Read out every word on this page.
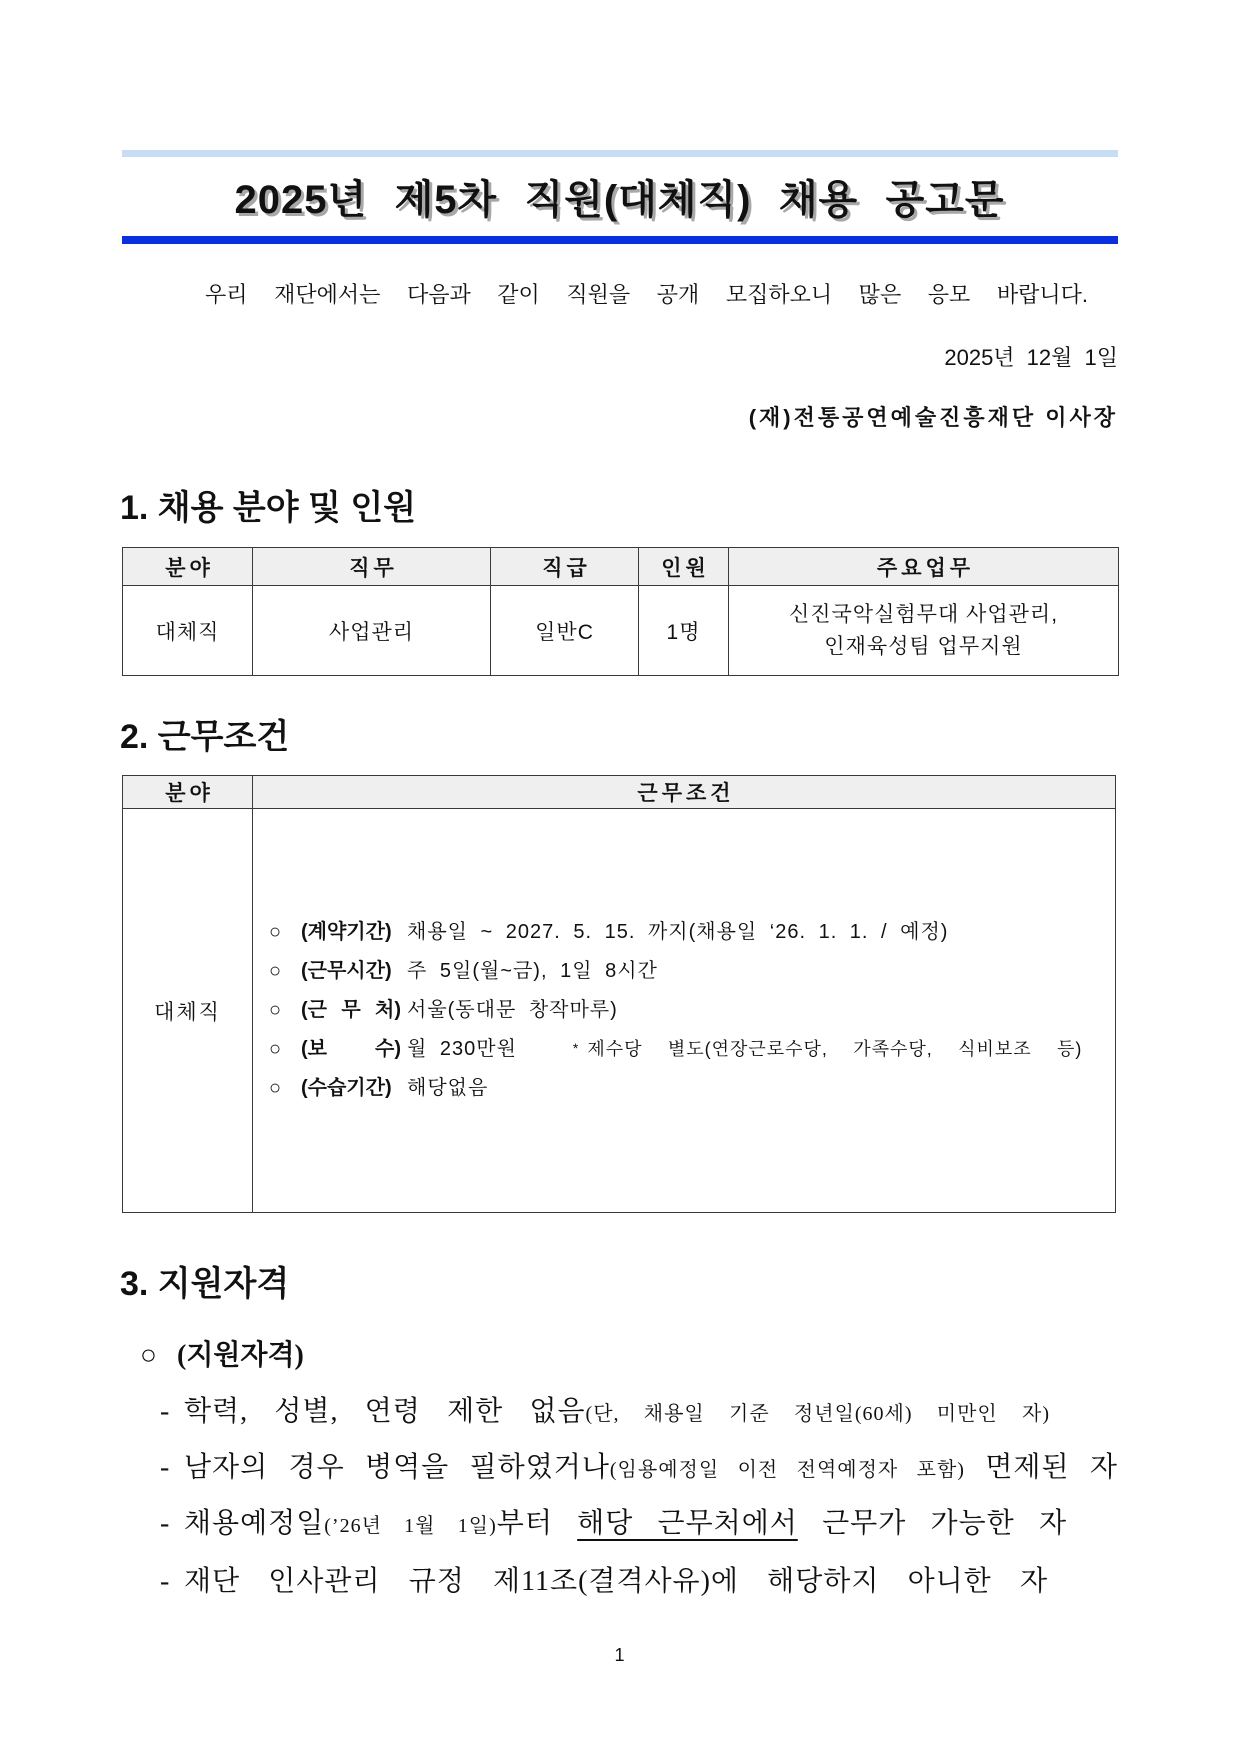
2025년 제5차 직원(대체직) 채용 공고문
우리 재단에서는 다음과 같이 직원을 공개 모집하오니 많은 응모 바랍니다.
2025년 12월 1일
(재)전통공연예술진흥재단 이사장
1. 채용 분야 및 인원
분야	직무	직급	인원	주요업무
대체직	사업관리	일반C	1명	신진국악실험무대 사업관리,
인재육성팀 업무지원
2. 근무조건
분야	근무조건
대체직	○ (계약기간) 채용일 ~ 2027. 5. 15. 까지(채용일 ‘26. 1. 1. / 예정)
○ (근무시간) 주 5일(월~금), 1일 8시간
○ (근 무 처) 서울(동대문 창작마루)
○ (보 수) 월 230만원 * 제수당 별도(연장근로수당, 가족수당, 식비보조 등)
○ (수습기간) 해당없음
3. 지원자격
○ (지원자격)
- 학력, 성별, 연령 제한 없음(단, 채용일 기준 정년일(60세) 미만인 자)
- 남자의 경우 병역을 필하였거나(임용예정일 이전 전역예정자 포함) 면제된 자
- 채용예정일(’26년 1월 1일)부터 해당 근무처에서 근무가 가능한 자
- 재단 인사관리 규정 제11조(결격사유)에 해당하지 아니한 자
1
